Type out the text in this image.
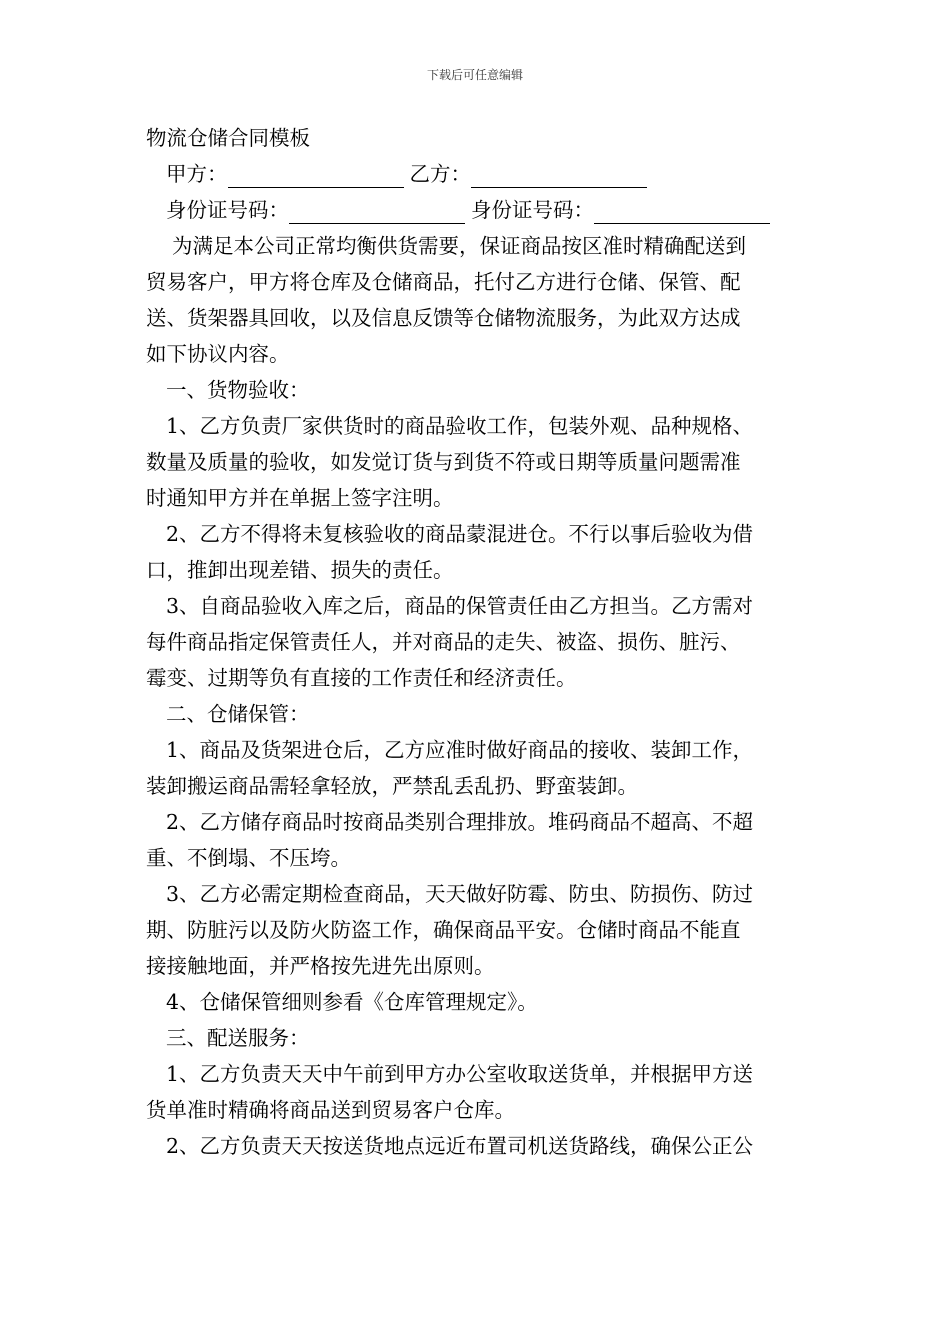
下载后可任意编辑
物流仓储合同模板
甲方：	乙方：
身份证号码：	身份证号码：
为满足本公司正常均衡供货需要，保证商品按区准时精确配送到
贸易客户，甲方将仓库及仓储商品，托付乙方进行仓储、保管、配
送、货架器具回收，以及信息反馈等仓储物流服务，为此双方达成
如下协议内容。
一、货物验收：
1、乙方负责厂家供货时的商品验收工作，包装外观、品种规格、
数量及质量的验收，如发觉订货与到货不符或日期等质量问题需准
时通知甲方并在单据上签字注明。
2、乙方不得将未复核验收的商品蒙混进仓。不行以事后验收为借
口，推卸出现差错、损失的责任。
3、自商品验收入库之后，商品的保管责任由乙方担当。乙方需对
每件商品指定保管责任人，并对商品的走失、被盗、损伤、脏污、
霉变、过期等负有直接的工作责任和经济责任。
二、仓储保管：
1、商品及货架进仓后，乙方应准时做好商品的接收、装卸工作，
装卸搬运商品需轻拿轻放，严禁乱丢乱扔、野蛮装卸。
2、乙方储存商品时按商品类别合理排放。堆码商品不超高、不超
重、不倒塌、不压垮。
3、乙方必需定期检查商品，天天做好防霉、防虫、防损伤、防过
期、防脏污以及防火防盗工作，确保商品平安。仓储时商品不能直
接接触地面，并严格按先进先出原则。
4、仓储保管细则参看《仓库管理规定》。
三、配送服务：
1、乙方负责天天中午前到甲方办公室收取送货单，并根据甲方送
货单准时精确将商品送到贸易客户仓库。
2、乙方负责天天按送货地点远近布置司机送货路线，确保公正公
